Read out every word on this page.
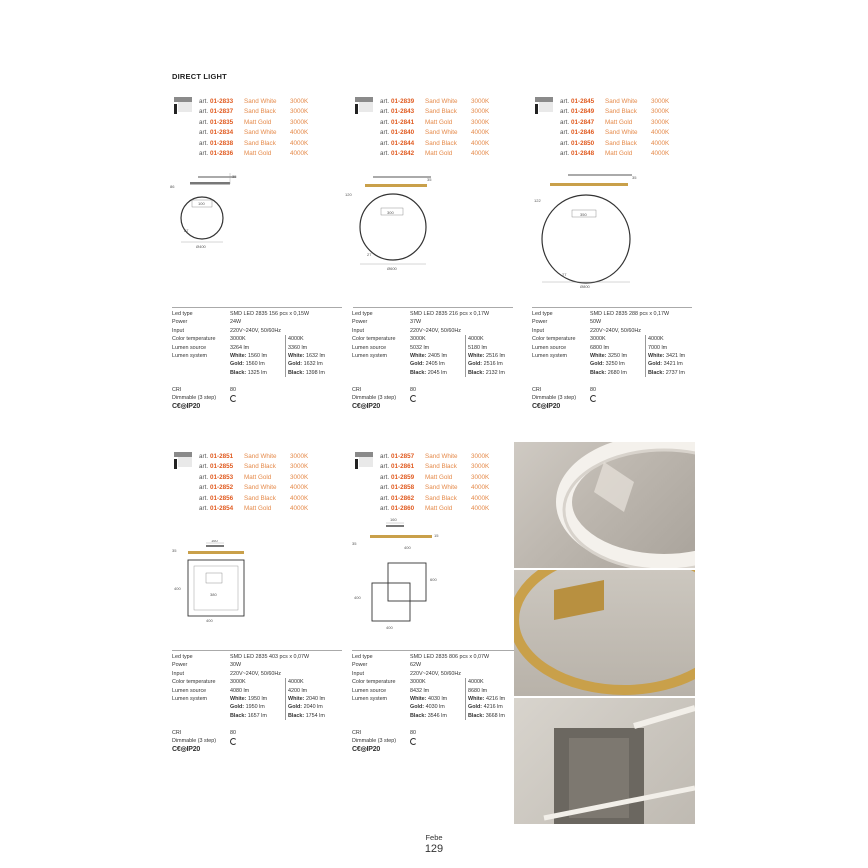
DIRECT LIGHT
art. 01-2833 Sand White 3000K
art. 01-2837 Sand Black 3000K
art. 01-2835 Matt Gold	3000K
art. 01-2834 Sand White 4000K
art. 01-2838 Sand Black 4000K
art. 01-2836 Matt Gold	4000K
35
100
86
27
Ø400
Led type	SMD LED 2835 156 pcs x 0,15W
Power	24W
Input	220V~240V, 50/60Hz
Color temperature	3000K	4000K
Lumen source	3264 lm	3360 lm
Lumen system	White: 1560 lm	White: 1632 lm
Gold: 1560 lm	Gold: 1632 lm
Black: 1325 lm	Black: 1398 lm
CRI	80
Dimmable (3 step)
C€◎IP20
art. 01-2839 Sand White 3000K
art. 01-2843 Sand Black 3000K
art. 01-2841 Matt Gold	3000K
art. 01-2840 Sand White 4000K
art. 01-2844 Sand Black 4000K
art. 01-2842 Matt Gold	4000K
35
300
120
27
Ø600
Led type	SMD LED 2835 216 pcs x 0,17W
Power	37W
Input	220V~240V, 50/60Hz
Color temperature	3000K	4000K
Lumen source	5032 lm	5180 lm
Lumen system	White: 2405 lm	White: 2516 lm
Gold: 2405 lm	Gold: 2516 lm
Black: 2045 lm	Black: 2132 lm
CRI	80
Dimmable (3 step)
C€◎IP20
art. 01-2845 Sand White 3000K
art. 01-2849 Sand Black 3000K
art. 01-2847 Matt Gold	3000K
art. 01-2846 Sand White 4000K
art. 01-2850 Sand Black 4000K
art. 01-2848 Matt Gold	4000K
35
350
122
27
Ø800
Led type	SMD LED 2835 288 pcs x 0,17W
Power	50W
Input	220V~240V, 50/60Hz
Color temperature	3000K	4000K
Lumen source	6800 lm	7000 lm
Lumen system	White: 3250 lm	White: 3421 lm
Gold: 3250 lm	Gold: 3421 lm
Black: 2680 lm	Black: 2737 lm
CRI	80
Dimmable (3 step)
C€◎IP20
art. 01-2851 Sand White 3000K
art. 01-2855 Sand Black 3000K
art. 01-2853 Matt Gold	3000K
art. 01-2852 Sand White 4000K
art. 01-2856 Sand Black 4000K
art. 01-2854 Matt Gold	4000K
160
35
380
400
400
Led type	SMD LED 2835 403 pcs x 0,07W
Power	30W
Input	220V~240V, 50/60Hz
Color temperature	3000K	4000K
Lumen source	4080 lm	4200 lm
Lumen system	White: 1950 lm	White: 2040 lm
Gold: 1950 lm	Gold: 2040 lm
Black: 1657 lm	Black: 1754 lm
CRI	80
Dimmable (3 step)
C€◎IP20
art. 01-2857 Sand White 3000K
art. 01-2861 Sand Black 3000K
art. 01-2859 Matt Gold	3000K
art. 01-2858 Sand White 4000K
art. 01-2862 Sand Black 4000K
art. 01-2860 Matt Gold	4000K
160
35
15
400
600
400
400
Led type	SMD LED 2835 806 pcs x 0,07W
Power	62W
Input	220V~240V, 50/60Hz
Color temperature	3000K	4000K
Lumen source	8432 lm	8680 lm
Lumen system	White: 4030 lm	White: 4216 lm
Gold: 4030 lm	Gold: 4216 lm
Black: 3546 lm	Black: 3668 lm
CRI	80
Dimmable (3 step)
C€◎IP20
Febe
129
